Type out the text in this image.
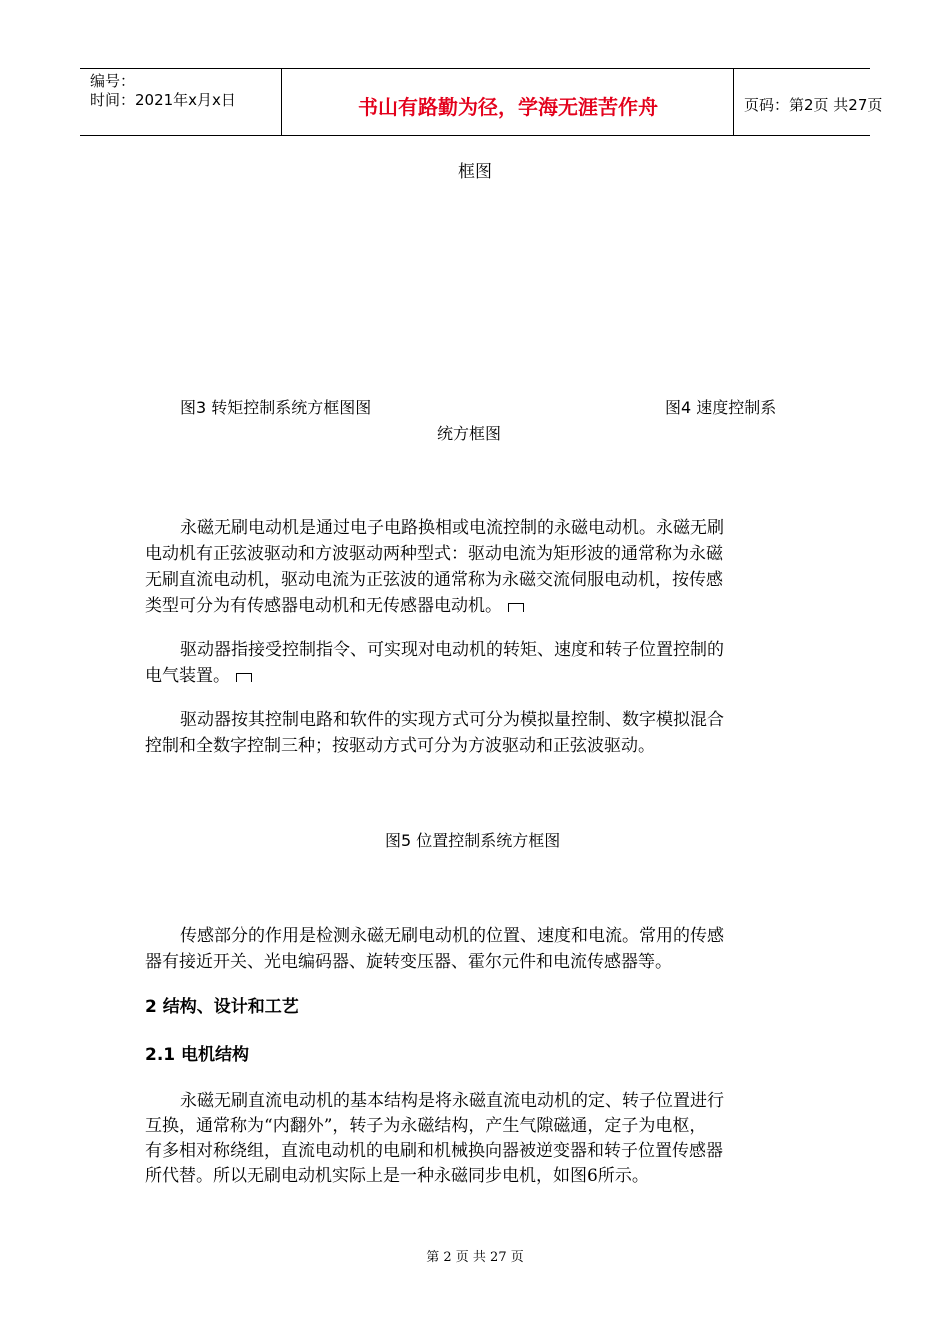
编号：
时间：2021年x月x日	书山有路勤为径，学海无涯苦作舟	页码：第2页 共27页
框图
图3 转矩控制系统方框图图	图4 速度控制系
统方框图
永磁无刷电动机是通过电子电路换相或电流控制的永磁电动机。永磁无刷
电动机有正弦波驱动和方波驱动两种型式：驱动电流为矩形波的通常称为永磁
无刷直流电动机，驱动电流为正弦波的通常称为永磁交流伺服电动机，按传感
类型可分为有传感器电动机和无传感器电动机。
驱动器指接受控制指令、可实现对电动机的转矩、速度和转子位置控制的
电气装置。
驱动器按其控制电路和软件的实现方式可分为模拟量控制、数字模拟混合
控制和全数字控制三种；按驱动方式可分为方波驱动和正弦波驱动。
图5 位置控制系统方框图
传感部分的作用是检测永磁无刷电动机的位置、速度和电流。常用的传感
器有接近开关、光电编码器、旋转变压器、霍尔元件和电流传感器等。
2 结构、设计和工艺
2.1 电机结构
永磁无刷直流电动机的基本结构是将永磁直流电动机的定、转子位置进行
互换，通常称为“内翻外”，转子为永磁结构，产生气隙磁通，定子为电枢，
有多相对称绕组，直流电动机的电刷和机械换向器被逆变器和转子位置传感器
所代替。所以无刷电动机实际上是一种永磁同步电机，如图6所示。
第 2 页 共 27 页
